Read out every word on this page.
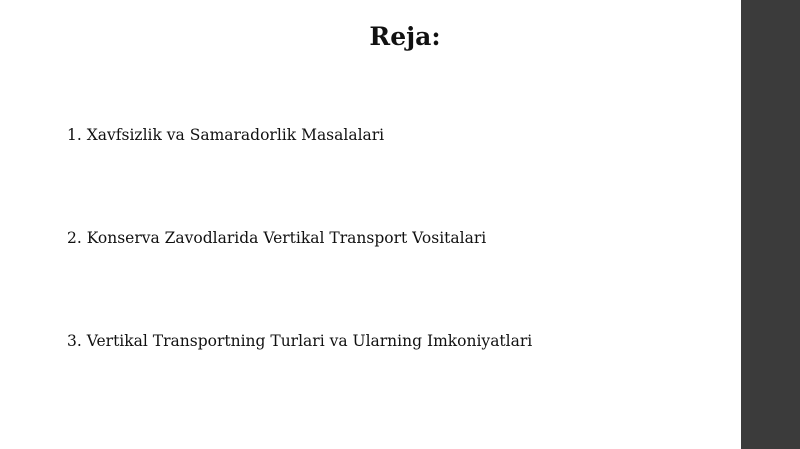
Reja:
1. Xavfsizlik va Samaradorlik Masalalari
2. Konserva Zavodlarida Vertikal Transport Vositalari
3. Vertikal Transportning Turlari va Ularning Imkoniyatlari
